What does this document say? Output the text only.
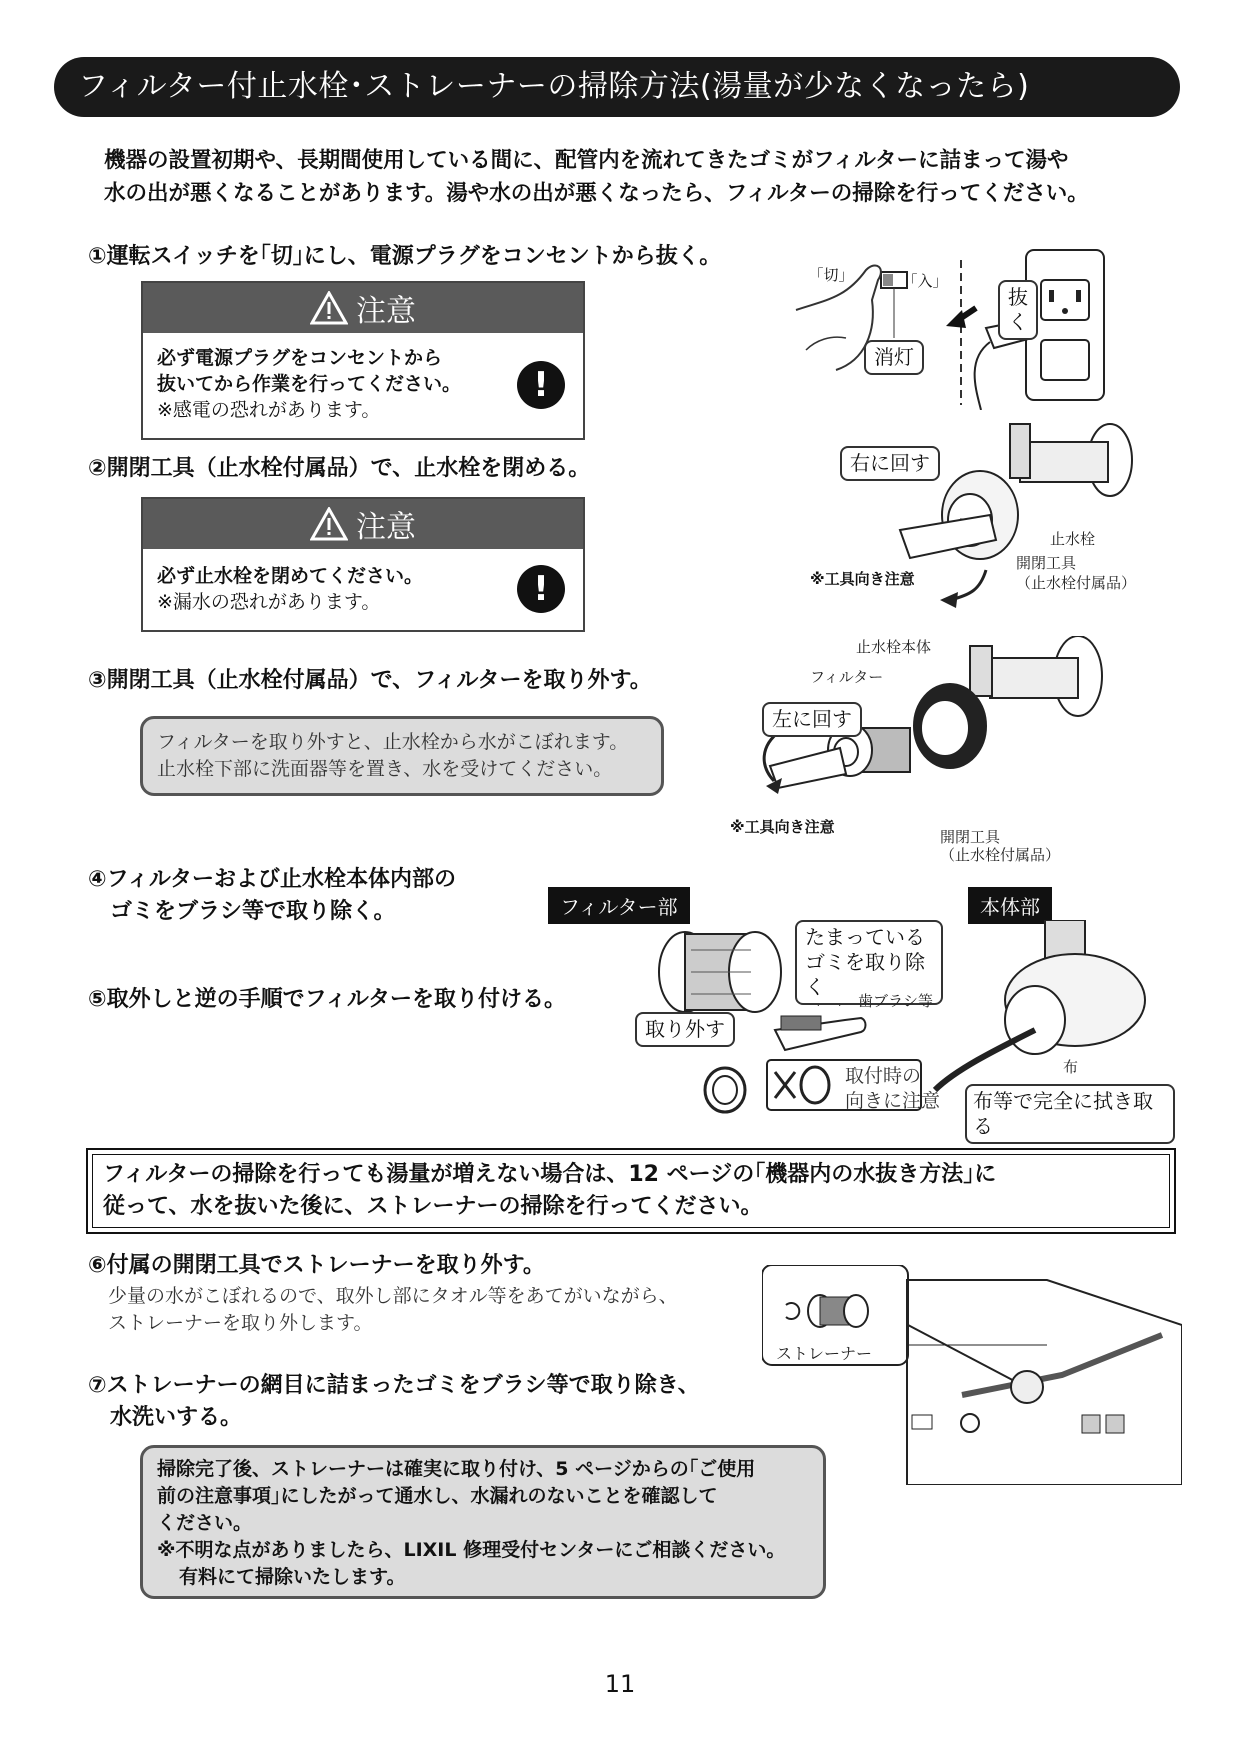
フィルター付止水栓･ストレーナーの掃除方法(湯量が少なくなったら)
機器の設置初期や、長期間使用している間に、配管内を流れてきたゴミがフィルターに詰まって湯や
水の出が悪くなることがあります。湯や水の出が悪くなったら、フィルターの掃除を行ってください。
①運転スイッチを｢切｣にし、電源プラグをコンセントから抜く。
注意
必ず電源プラグをコンセントから
抜いてから作業を行ってください。
※感電の恐れがあります。
!
②開閉工具（止水栓付属品）で、止水栓を閉める。
注意
必ず止水栓を閉めてください。
※漏水の恐れがあります。	!
③開閉工具（止水栓付属品）で、フィルターを取り外す。
フィルターを取り外すと、止水栓から水がこぼれます。
止水栓下部に洗面器等を置き、水を受けてください。
④フィルターおよび止水栓本体内部の
ゴミをブラシ等で取り除く。
⑤取外しと逆の手順でフィルターを取り付ける。
フィルターの掃除を行っても湯量が増えない場合は、12 ページの｢機器内の水抜き方法｣に
従って、水を抜いた後に、ストレーナーの掃除を行ってください。
⑥付属の開閉工具でストレーナーを取り外す。
少量の水がこぼれるので、取外し部にタオル等をあてがいながら、
ストレーナーを取り外します。
⑦ストレーナーの網目に詰まったゴミをブラシ等で取り除き、
水洗いする。
掃除完了後、ストレーナーは確実に取り付け、5 ページからの｢ご使用
前の注意事項｣にしたがって通水し、水漏れのないことを確認して
ください。
※不明な点がありましたら、LIXIL 修理受付センターにご相談ください。
有料にて掃除いたします。
｢切｣	｢入｣
消灯
抜く
右に回す
止水栓
開閉工具
（止水栓付属品）
※工具向き注意
止水栓本体
フィルター
左に回す
※工具向き注意
開閉工具
（止水栓付属品）
フィルター部	本体部
たまっている
ゴミを取り除く
歯ブラシ等
取り外す
取付時の
向きに注意
布
布等で完全に拭き取る
ストレーナー
11
